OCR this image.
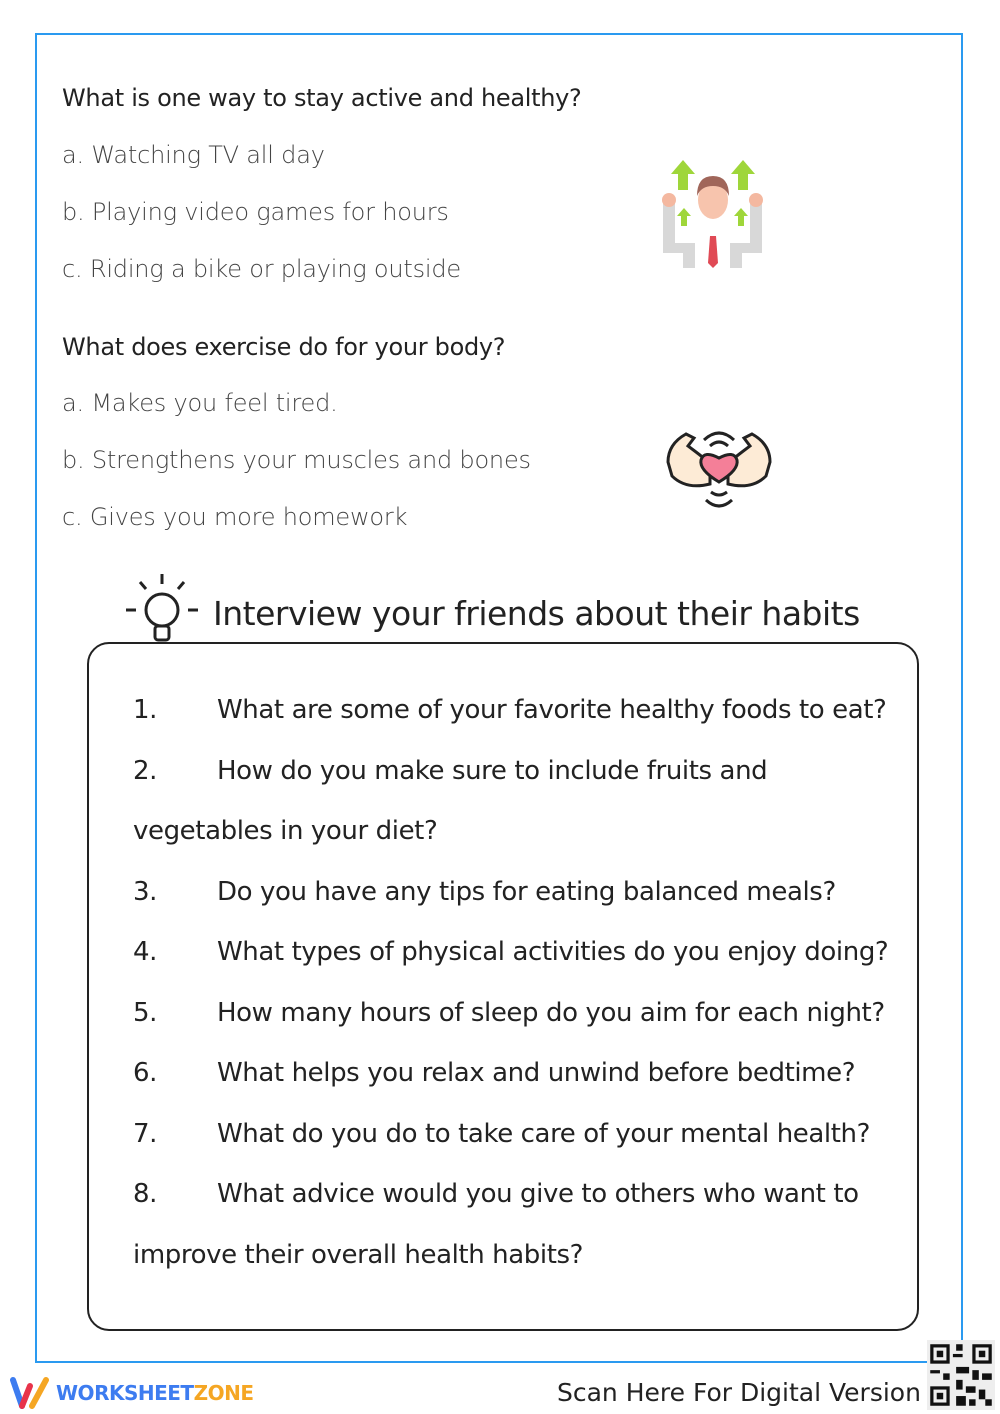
What is one way to stay active and healthy?
a. Watching TV all day
b. Playing video games for hours
c. Riding a bike or playing outside
What does exercise do for your body?
a. Makes you feel tired.
b. Strengthens your muscles and bones
c. Gives you more homework
Interview your friends about their habits
1. What are some of your favorite healthy foods to eat?
2. How do you make sure to include fruits and
vegetables in your diet?
3. Do you have any tips for eating balanced meals?
4. What types of physical activities do you enjoy doing?
5. How many hours of sleep do you aim for each night?
6. What helps you relax and unwind before bedtime?
7. What do you do to take care of your mental health?
8. What advice would you give to others who want to
improve their overall health habits?
WORKSHEET ZONE	Scan Here For Digital Version
